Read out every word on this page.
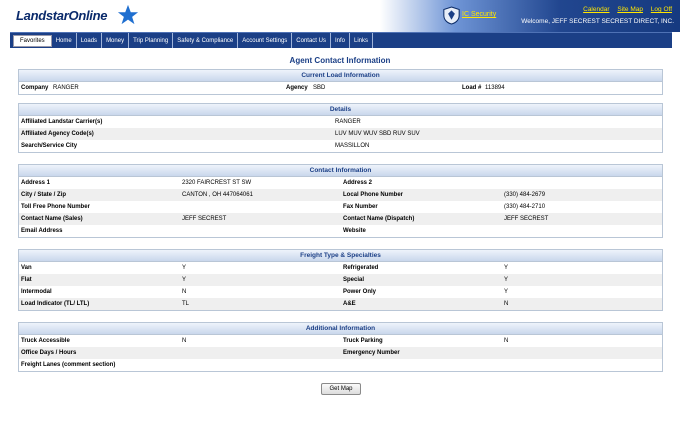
LandstarOnline	IC Security
Calendar Site Map Log Off
Welcome, JEFF SECREST SECREST DIRECT, INC.
Favorites	Home	Loads	Money	Trip Planning	Safety & Compliance	Account Settings	Contact Us	Info	Links
Agent Contact Information
Current Load Information
Company RANGER	Agency SBD	Load # 113894
Details
Affiliated Landstar Carrier(s)	RANGER
Affiliated Agency Code(s)	LUV MUV WUV SBD RUV SUV
Search/Service City	MASSILLON
Contact Information
Address 1	2320 FAIRCREST ST SW	Address 2
City / State / Zip	CANTON , OH 447064061	Local Phone Number	(330) 484-2679
Toll Free Phone Number	Fax Number	(330) 484-2710
Contact Name (Sales)	JEFF SECREST	Contact Name (Dispatch)	JEFF SECREST
Email Address	Website
Freight Type & Specialties
Van	Y	Refrigerated	Y
Flat	Y	Special	Y
Intermodal	N	Power Only	Y
Load Indicator (TL/ LTL)	TL	A&E	N
Additional Information
Truck Accessible	N	Truck Parking	N
Office Days / Hours	Emergency Number
Freight Lanes (comment section)
Get Map
